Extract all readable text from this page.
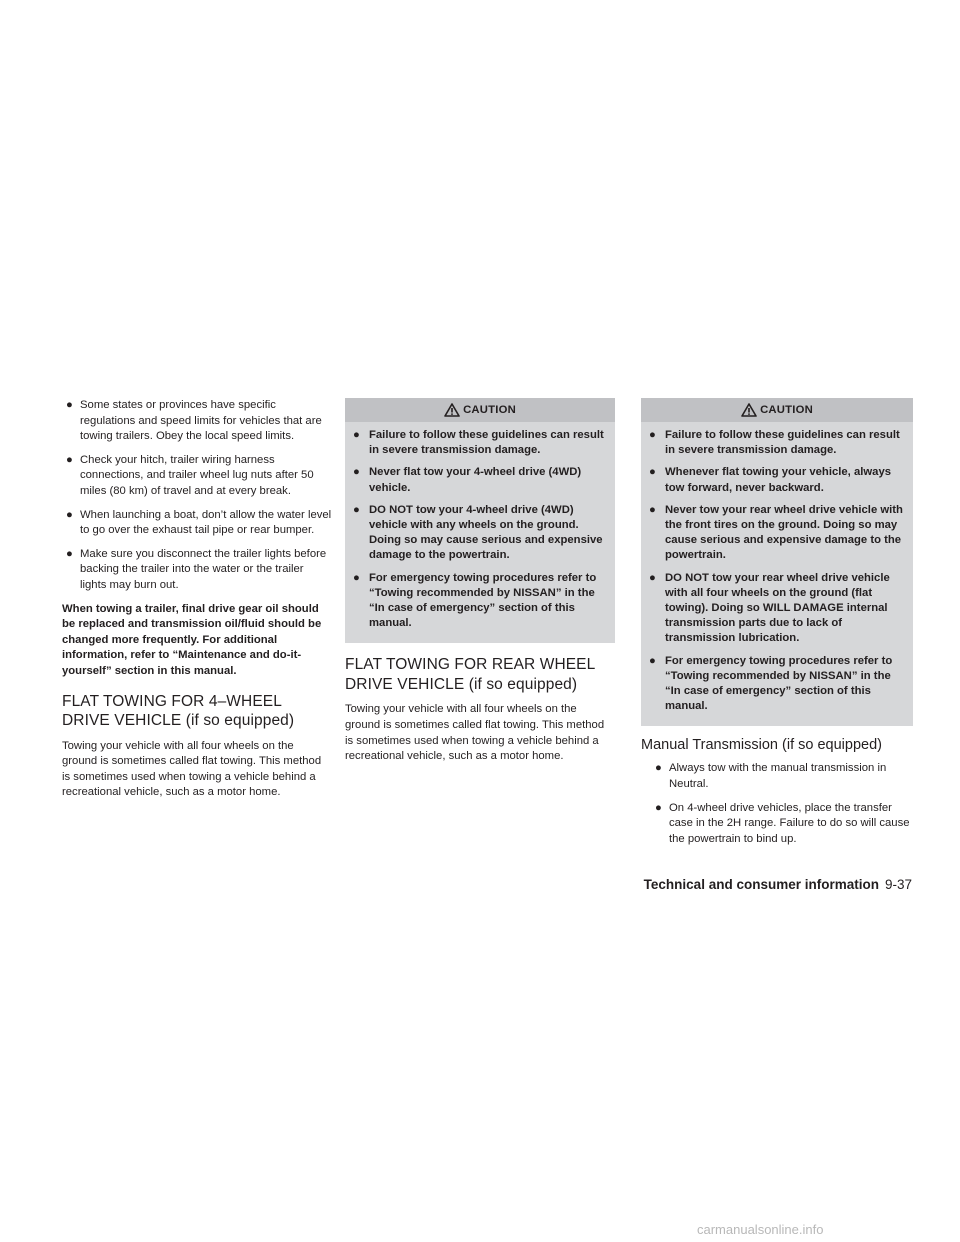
● Some states or provinces have specific regulations and speed limits for vehicles that are towing trailers. Obey the local speed limits.
● Check your hitch, trailer wiring harness connections, and trailer wheel lug nuts after 50 miles (80 km) of travel and at every break.
● When launching a boat, don’t allow the water level to go over the exhaust tail pipe or rear bumper.
● Make sure you disconnect the trailer lights before backing the trailer into the water or the trailer lights may burn out.

When towing a trailer, final drive gear oil should be replaced and transmission oil/fluid should be changed more frequently. For additional information, refer to “Maintenance and do-it-yourself” section in this manual.

FLAT TOWING FOR 4–WHEEL DRIVE VEHICLE (if so equipped)

Towing your vehicle with all four wheels on the ground is sometimes called flat towing. This method is sometimes used when towing a vehicle behind a recreational vehicle, such as a motor home.

CAUTION
● Failure to follow these guidelines can result in severe transmission damage.
● Never flat tow your 4-wheel drive (4WD) vehicle.
● DO NOT tow your 4-wheel drive (4WD) vehicle with any wheels on the ground. Doing so may cause serious and expensive damage to the powertrain.
● For emergency towing procedures refer to “Towing recommended by NISSAN” in the “In case of emergency” section of this manual.
FLAT TOWING FOR REAR WHEEL DRIVE VEHICLE (if so equipped)

Towing your vehicle with all four wheels on the ground is sometimes called flat towing. This method is sometimes used when towing a vehicle behind a recreational vehicle, such as a motor home.

CAUTION
● Failure to follow these guidelines can result in severe transmission damage.
● Whenever flat towing your vehicle, always tow forward, never backward.
● Never tow your rear wheel drive vehicle with the front tires on the ground. Doing so may cause serious and expensive damage to the powertrain.
● DO NOT tow your rear wheel drive vehicle with all four wheels on the ground (flat towing). Doing so WILL DAMAGE internal transmission parts due to lack of transmission lubrication.
● For emergency towing procedures refer to “Towing recommended by NISSAN” in the “In case of emergency” section of this manual.
Manual Transmission (if so equipped)
● Always tow with the manual transmission in Neutral.
● On 4-wheel drive vehicles, place the transfer case in the 2H range. Failure to do so will cause the powertrain to bind up.
Technical and consumer information 9-37
carmanualsonline.info
